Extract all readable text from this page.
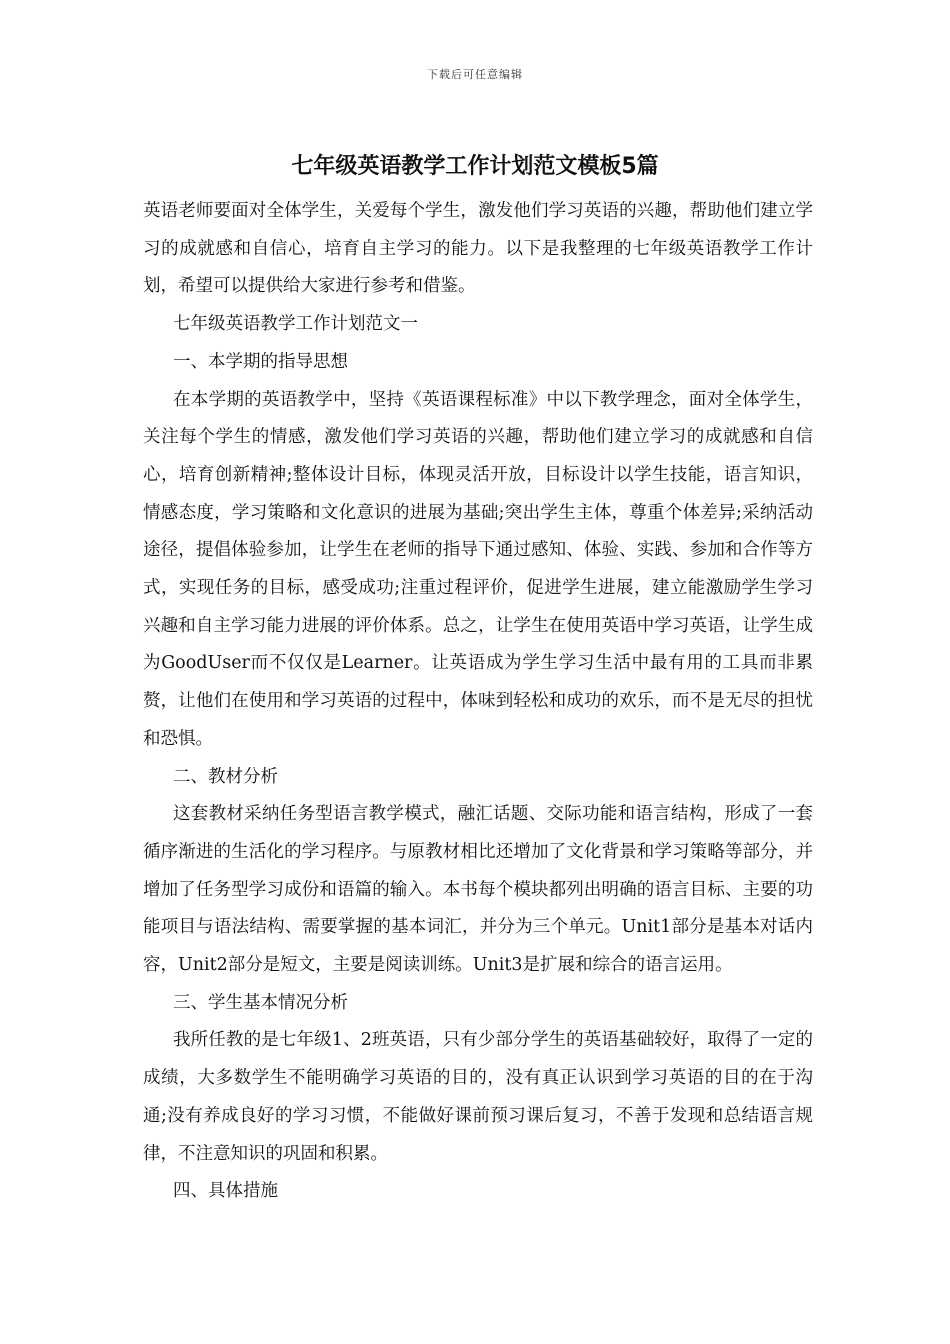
下载后可任意编辑
七年级英语教学工作计划范文模板5篇

英语老师要面对全体学生，关爱每个学生，激发他们学习英语的兴趣，帮助他们建立学习的成就感和自信心，培育自主学习的能力。以下是我整理的七年级英语教学工作计划，希望可以提供给大家进行参考和借鉴。

七年级英语教学工作计划范文一

一、本学期的指导思想

在本学期的英语教学中，坚持《英语课程标准》中以下教学理念，面对全体学生，关注每个学生的情感，激发他们学习英语的兴趣，帮助他们建立学习的成就感和自信心，培育创新精神;整体设计目标，体现灵活开放，目标设计以学生技能，语言知识，情感态度，学习策略和文化意识的进展为基础;突出学生主体，尊重个体差异;采纳活动途径，提倡体验参加，让学生在老师的指导下通过感知、体验、实践、参加和合作等方式，实现任务的目标，感受成功;注重过程评价，促进学生进展，建立能激励学生学习兴趣和自主学习能力进展的评价体系。总之，让学生在使用英语中学习英语，让学生成为GoodUser而不仅仅是Learner。让英语成为学生学习生活中最有用的工具而非累赘，让他们在使用和学习英语的过程中，体味到轻松和成功的欢乐，而不是无尽的担忧和恐惧。

二、教材分析

这套教材采纳任务型语言教学模式，融汇话题、交际功能和语言结构，形成了一套循序渐进的生活化的学习程序。与原教材相比还增加了文化背景和学习策略等部分，并增加了任务型学习成份和语篇的输入。本书每个模块都列出明确的语言目标、主要的功能项目与语法结构、需要掌握的基本词汇，并分为三个单元。Unit1部分是基本对话内容，Unit2部分是短文，主要是阅读训练。Unit3是扩展和综合的语言运用。

三、学生基本情况分析

我所任教的是七年级1、2班英语，只有少部分学生的英语基础较好，取得了一定的成绩，大多数学生不能明确学习英语的目的，没有真正认识到学习英语的目的在于沟通;没有养成良好的学习习惯，不能做好课前预习课后复习，不善于发现和总结语言规律，不注意知识的巩固和积累。

四、具体措施
